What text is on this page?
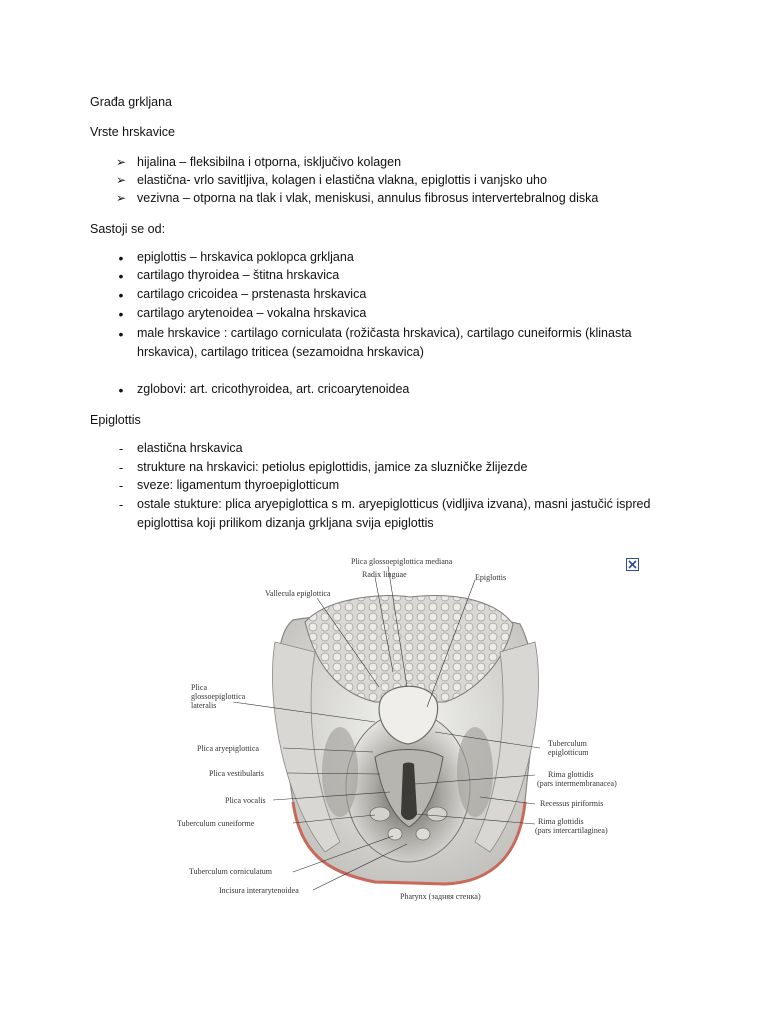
Građa grkljana
Vrste hrskavice
➢ hijalina – fleksibilna i otporna, isključivo kolagen
➢ elastična- vrlo savitljiva, kolagen i elastična vlakna, epiglottis i vanjsko uho
➢ vezivna – otporna na tlak i vlak, meniskusi, annulus fibrosus intervertebralnog diska
Sastoji se od:
•	epiglottis – hrskavica poklopca grkljana
•	cartilago thyroidea – štitna hrskavica
•	cartilago cricoidea – prstenasta hrskavica
•	cartilago arytenoidea – vokalna hrskavica
•	male hrskavice : cartilago corniculata (rožičasta hrskavica), cartilago cuneiformis (klinasta
hrskavica), cartilago triticea (sezamoidna hrskavica)
•	zglobovi: art. cricothyroidea, art. cricoarytenoidea
Epiglottis
-	elastična hrskavica
-	strukture na hrskavici: petiolus epiglottidis, jamice za sluzničke žlijezde
-	sveze: ligamentum thyroepiglotticum
-	ostale stukture: plica aryepiglottica s m. aryepiglotticus (vidljiva izvana), masni jastučić ispred
epiglottisa koji prilikom dizanja grkljana svija epiglottis
Plica glossoepiglottica mediana
Radix linguae	Epiglottis
Vallecula epiglottica
Plica
glossoepiglottica
lateralis
Plica aryepiglottica
Plica vestibularis
Plica vocalis
Tuberculum cuneiforme
Tuberculum corniculatum
Incisura interarytenoidea
Tuberculum
epiglotticum
Rima glottidis
(pars intermembranacea)
Recessus piriformis
Rima glottidis
(pars intercartilaginea)
Pharynx (задняя стенка)
